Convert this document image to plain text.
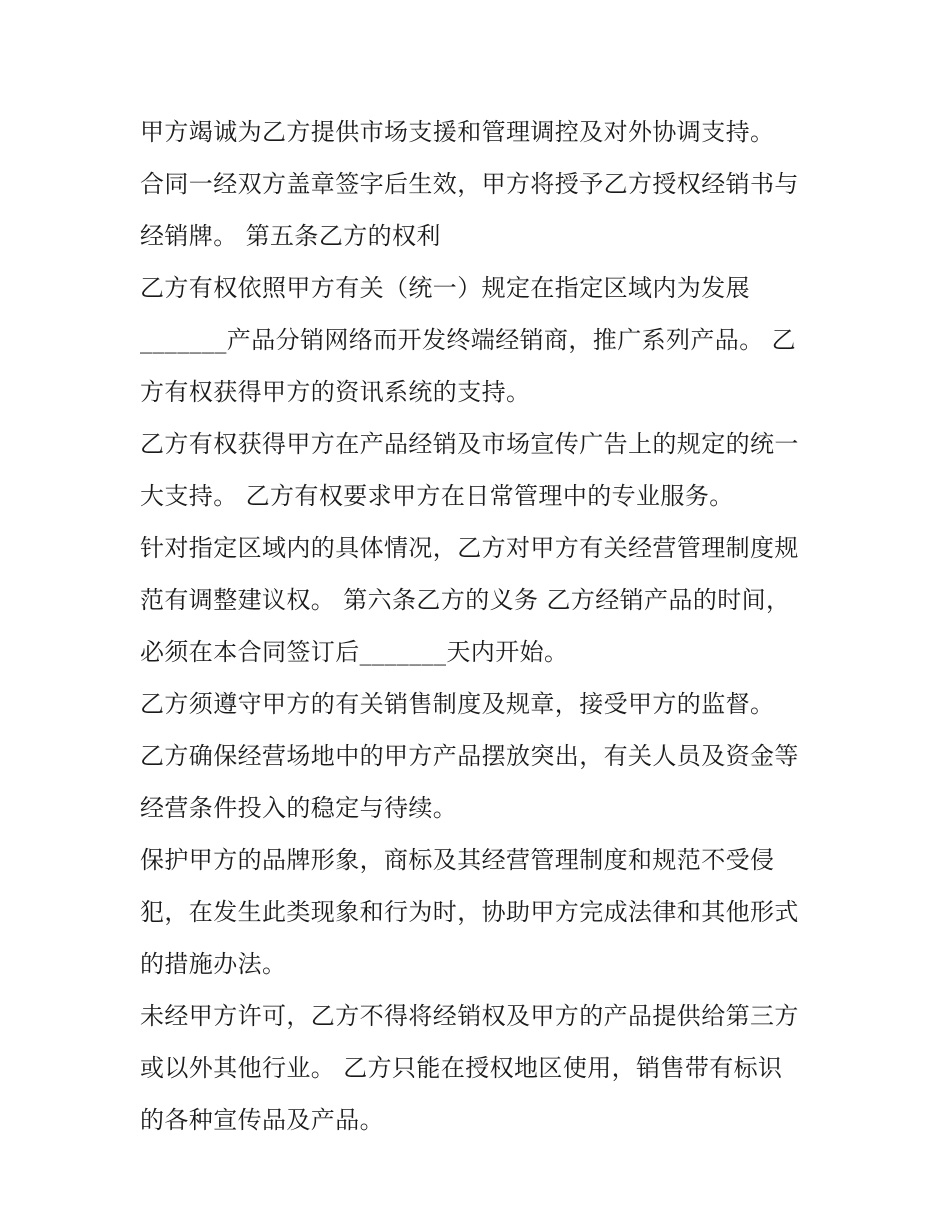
甲方竭诚为乙方提供市场支援和管理调控及对外协调支持。
合同一经双方盖章签字后生效，甲方将授予乙方授权经销书与
经销牌。 第五条乙方的权利
乙方有权依照甲方有关（统一）规定在指定区域内为发展
_______产品分销网络而开发终端经销商，推广系列产品。 乙
方有权获得甲方的资讯系统的支持。
乙方有权获得甲方在产品经销及市场宣传广告上的规定的统一
大支持。 乙方有权要求甲方在日常管理中的专业服务。
针对指定区域内的具体情况，乙方对甲方有关经营管理制度规
范有调整建议权。 第六条乙方的义务 乙方经销产品的时间，
必须在本合同签订后_______天内开始。
乙方须遵守甲方的有关销售制度及规章，接受甲方的监督。
乙方确保经营场地中的甲方产品摆放突出，有关人员及资金等
经营条件投入的稳定与待续。
保护甲方的品牌形象，商标及其经营管理制度和规范不受侵
犯，在发生此类现象和行为时，协助甲方完成法律和其他形式
的措施办法。
未经甲方许可，乙方不得将经销权及甲方的产品提供给第三方
或以外其他行业。 乙方只能在授权地区使用，销售带有标识
的各种宣传品及产品。
